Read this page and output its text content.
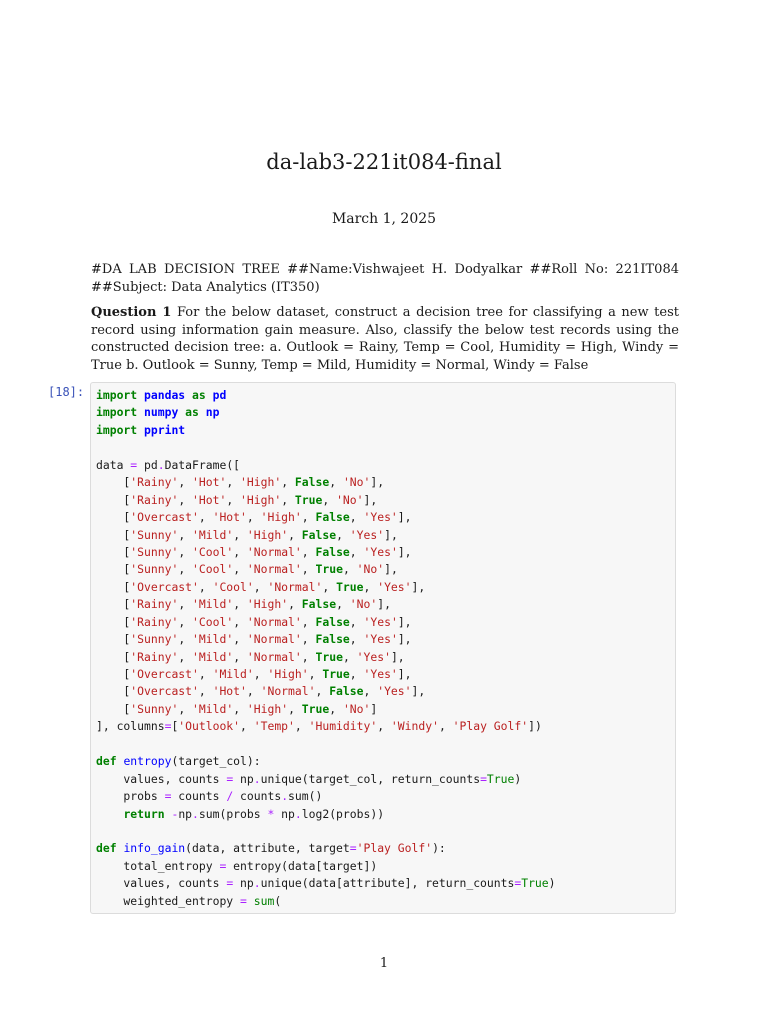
da-lab3-221it084-final
March 1, 2025

#DA LAB DECISION TREE ##Name:Vishwajeet H. Dodyalkar ##Roll No: 221IT084 ##Subject: Data Analytics (IT350)

Question 1 For the below dataset, construct a decision tree for classifying a new test record using information gain measure. Also, classify the below test records using the constructed decision tree: a. Outlook = Rainy, Temp = Cool, Humidity = High, Windy = True b. Outlook = Sunny, Temp = Mild, Humidity = Normal, Windy = False

[18]: import pandas as pd
import numpy as np
import pprint

data = pd.DataFrame([
['Rainy', 'Hot', 'High', False, 'No'],
['Rainy', 'Hot', 'High', True, 'No'],
['Overcast', 'Hot', 'High', False, 'Yes'],
['Sunny', 'Mild', 'High', False, 'Yes'],
['Sunny', 'Cool', 'Normal', False, 'Yes'],
['Sunny', 'Cool', 'Normal', True, 'No'],
['Overcast', 'Cool', 'Normal', True, 'Yes'],
['Rainy', 'Mild', 'High', False, 'No'],
['Rainy', 'Cool', 'Normal', False, 'Yes'],
['Sunny', 'Mild', 'Normal', False, 'Yes'],
['Rainy', 'Mild', 'Normal', True, 'Yes'],
['Overcast', 'Mild', 'High', True, 'Yes'],
['Overcast', 'Hot', 'Normal', False, 'Yes'],
['Sunny', 'Mild', 'High', True, 'No']
], columns=['Outlook', 'Temp', 'Humidity', 'Windy', 'Play Golf'])

def entropy(target_col):
values, counts = np.unique(target_col, return_counts=True)
probs = counts / counts.sum()
return -np.sum(probs * np.log2(probs))

def info_gain(data, attribute, target='Play Golf'):
total_entropy = entropy(data[target])
values, counts = np.unique(data[attribute], return_counts=True)
weighted_entropy = sum(
1
